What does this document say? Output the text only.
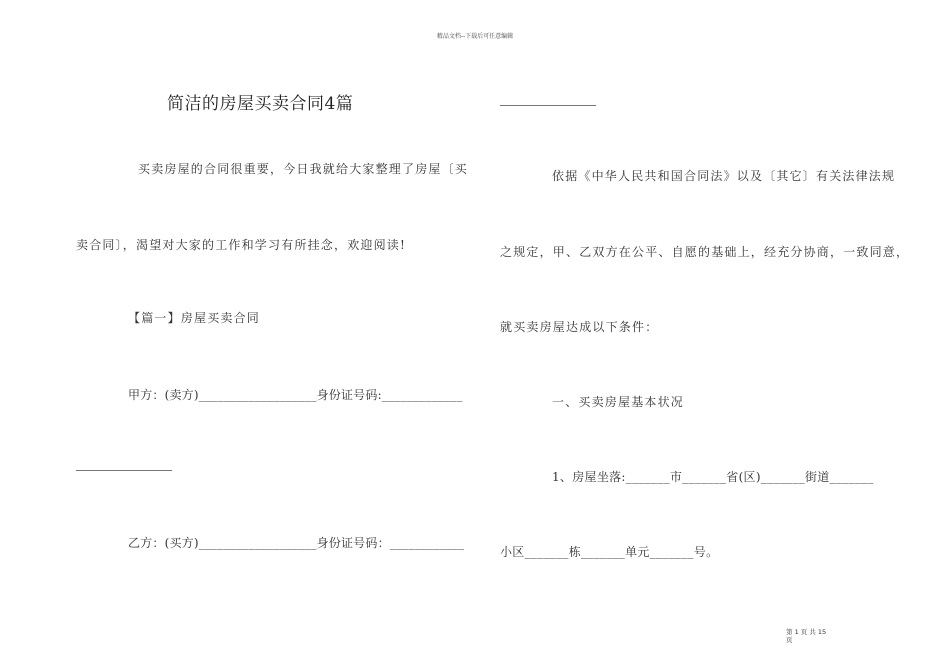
精品文档--下载后可任意编辑
简洁的房屋买卖合同4篇
买卖房屋的合同很重要，今日我就给大家整理了房屋〔买
卖合同〕，渴望对大家的工作和学习有所挂念，欢迎阅读!
【篇一】房屋买卖合同
甲方：(卖方)___________________身份证号码:_____________
乙方：(买方)___________________身份证号码：____________
依据《中华人民共和国合同法》以及〔其它〕有关法律法规
之规定，甲、乙双方在公平、自愿的基础上，经充分协商，一致同意，
就买卖房屋达成以下条件：
一、买卖房屋基本状况
1、房屋坐落:_______市_______省(区)_______街道_______
小区_______栋_______单元_______号。
第 1 页 共 15
页
